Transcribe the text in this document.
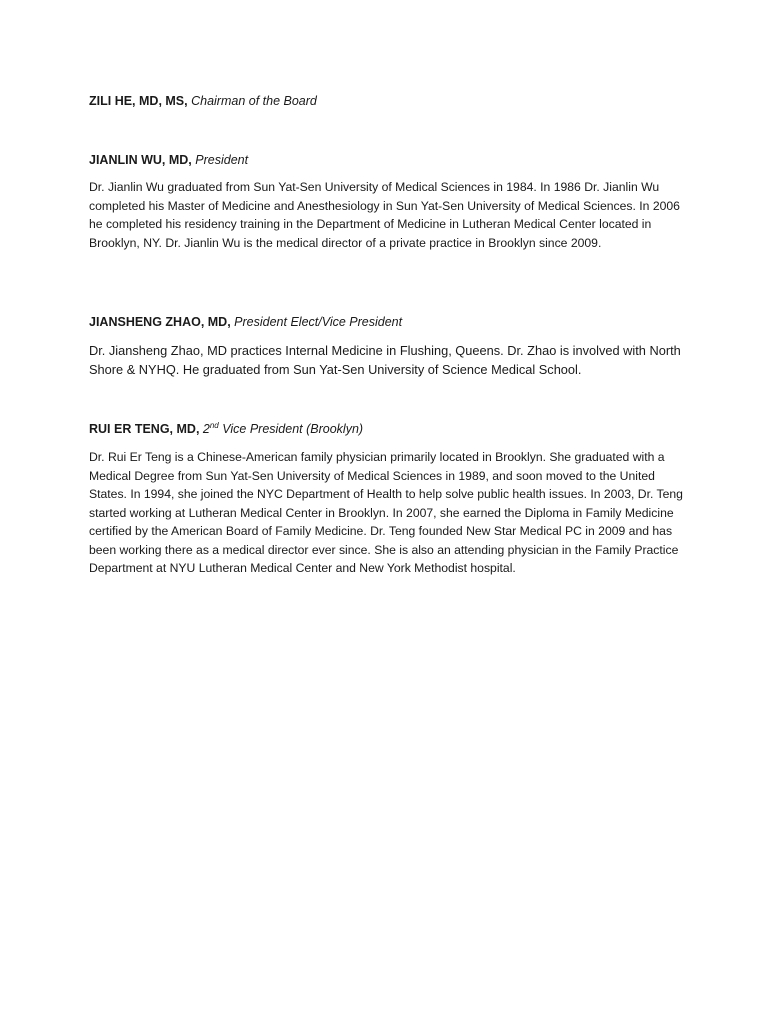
ZILI HE, MD, MS, Chairman of the Board

JIANLIN WU, MD, President

Dr. Jianlin Wu graduated from Sun Yat-Sen University of Medical Sciences in 1984. In 1986 Dr. Jianlin Wu completed his Master of Medicine and Anesthesiology in Sun Yat-Sen University of Medical Sciences. In 2006 he completed his residency training in the Department of Medicine in Lutheran Medical Center located in Brooklyn, NY. Dr. Jianlin Wu is the medical director of a private practice in Brooklyn since 2009.

JIANSHENG ZHAO, MD, President Elect/Vice President

Dr. Jiansheng Zhao, MD practices Internal Medicine in Flushing, Queens. Dr. Zhao is involved with North Shore & NYHQ. He graduated from Sun Yat-Sen University of Science Medical School.

RUI ER TENG, MD, 2nd Vice President (Brooklyn)

Dr. Rui Er Teng is a Chinese-American family physician primarily located in Brooklyn. She graduated with a Medical Degree from Sun Yat-Sen University of Medical Sciences in 1989, and soon moved to the United States. In 1994, she joined the NYC Department of Health to help solve public health issues. In 2003, Dr. Teng started working at Lutheran Medical Center in Brooklyn. In 2007, she earned the Diploma in Family Medicine certified by the American Board of Family Medicine. Dr. Teng founded New Star Medical PC in 2009 and has been working there as a medical director ever since. She is also an attending physician in the Family Practice Department at NYU Lutheran Medical Center and New York Methodist hospital.
